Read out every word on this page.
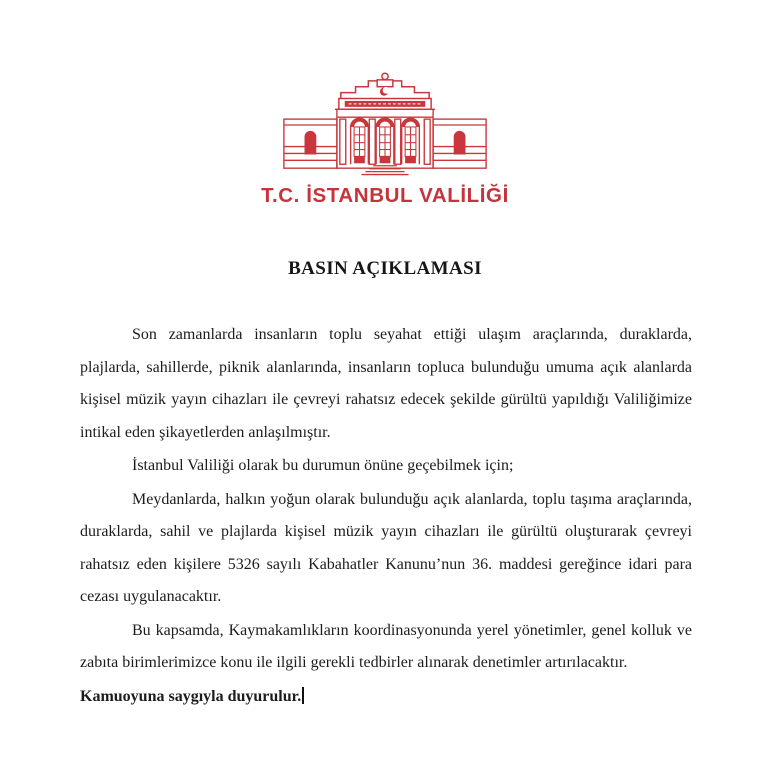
T.C. İSTANBUL VALİLİĞİ
BASIN AÇIKLAMASI

Son zamanlarda insanların toplu seyahat ettiği ulaşım araçlarında, duraklarda, plajlarda, sahillerde, piknik alanlarında, insanların topluca bulunduğu umuma açık alanlarda kişisel müzik yayın cihazları ile çevreyi rahatsız edecek şekilde gürültü yapıldığı Valiliğimize intikal eden şikayetlerden anlaşılmıştır.

İstanbul Valiliği olarak bu durumun önüne geçebilmek için;

Meydanlarda, halkın yoğun olarak bulunduğu açık alanlarda, toplu taşıma araçlarında, duraklarda, sahil ve plajlarda kişisel müzik yayın cihazları ile gürültü oluşturarak çevreyi rahatsız eden kişilere 5326 sayılı Kabahatler Kanunu’nun 36. maddesi gereğince idari para cezası uygulanacaktır.

Bu kapsamda, Kaymakamlıkların koordinasyonunda yerel yönetimler, genel kolluk ve zabıta birimlerimizce konu ile ilgili gerekli tedbirler alınarak denetimler artırılacaktır.

Kamuoyuna saygıyla duyurulur.
